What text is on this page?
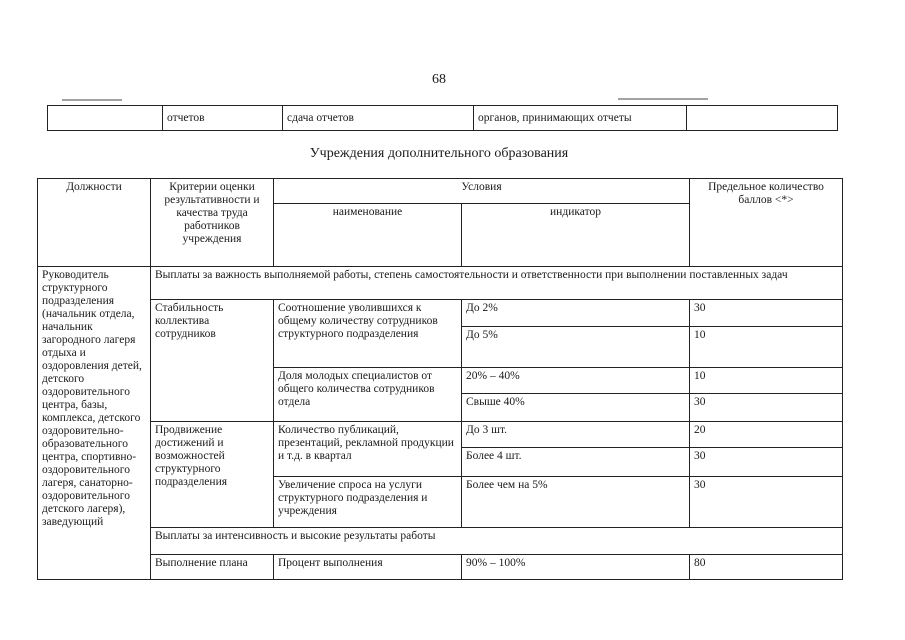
68
	отчетов	сдача отчетов	органов, принимающих отчеты	
Учреждения дополнительного образования
Должности	Критерии оценки результативности и качества труда работников учреждения	Условия		Предельное количество баллов <*>
		наименование	индикатор	
Руководитель структурного подразделения (начальник отдела, начальник загородного лагеря отдыха и оздоровления детей, детского оздоровительного центра, базы, комплекса, детского оздоровительно-образовательного центра, спортивно-оздоровительного лагеря, санаторно-оздоровительного детского лагеря), заведующий	Выплаты за важность выполняемой работы, степень самостоятельности и ответственности при выполнении поставленных задач			
	Стабильность коллектива сотрудников	Соотношение уволившихся к общему количеству сотрудников структурного подразделения	До 2%	30
			До 5%	10
		Доля молодых специалистов от общего количества сотрудников отдела	20% – 40%	10
			Свыше 40%	30
	Продвижение достижений и возможностей структурного подразделения	Количество публикаций, презентаций, рекламной продукции и т.д. в квартал	До 3 шт.	20
			Более 4 шт.	30
		Увеличение спроса на услуги структурного подразделения и учреждения	Более чем на 5%	30
	Выплаты за интенсивность и высокие результаты работы			
	Выполнение плана	Процент выполнения	90% – 100%	80
